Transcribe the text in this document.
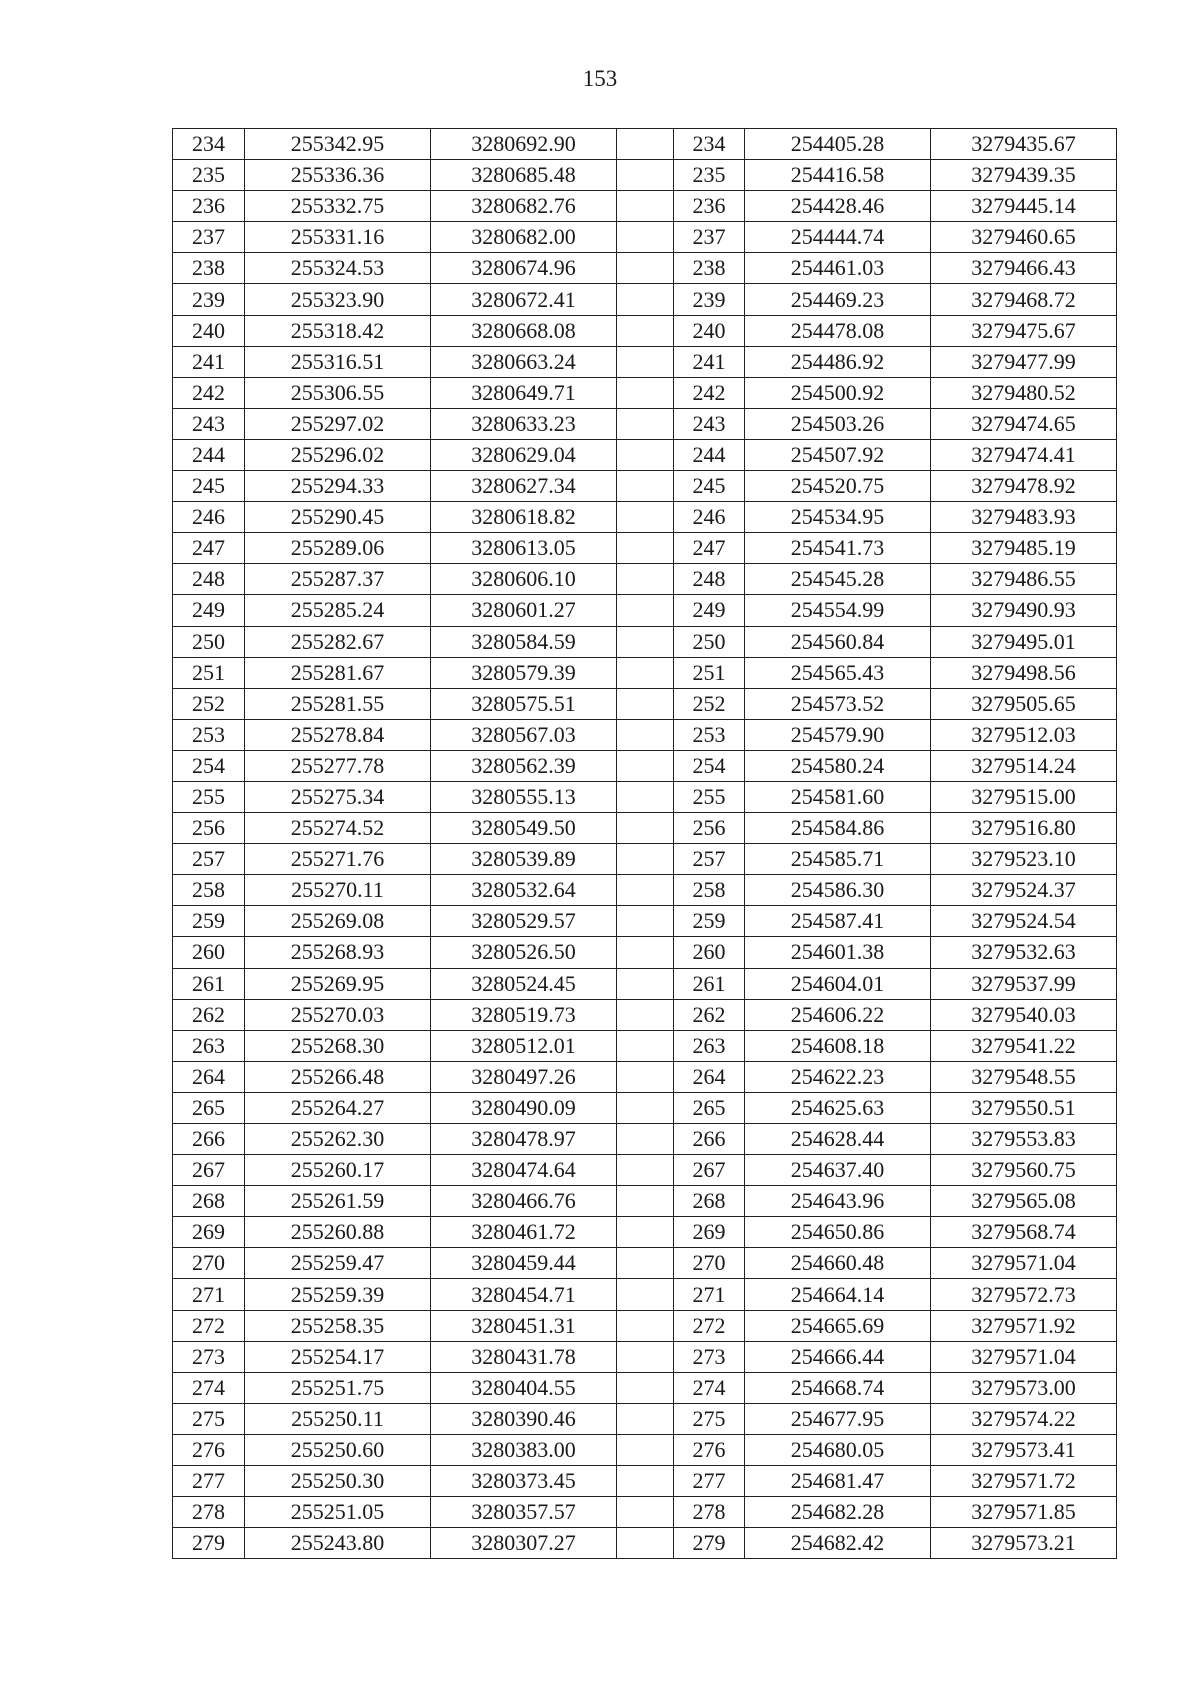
153
234	255342.95	3280692.90		234	254405.28	3279435.67
235	255336.36	3280685.48		235	254416.58	3279439.35
236	255332.75	3280682.76		236	254428.46	3279445.14
237	255331.16	3280682.00		237	254444.74	3279460.65
238	255324.53	3280674.96		238	254461.03	3279466.43
239	255323.90	3280672.41		239	254469.23	3279468.72
240	255318.42	3280668.08		240	254478.08	3279475.67
241	255316.51	3280663.24		241	254486.92	3279477.99
242	255306.55	3280649.71		242	254500.92	3279480.52
243	255297.02	3280633.23		243	254503.26	3279474.65
244	255296.02	3280629.04		244	254507.92	3279474.41
245	255294.33	3280627.34		245	254520.75	3279478.92
246	255290.45	3280618.82		246	254534.95	3279483.93
247	255289.06	3280613.05		247	254541.73	3279485.19
248	255287.37	3280606.10		248	254545.28	3279486.55
249	255285.24	3280601.27		249	254554.99	3279490.93
250	255282.67	3280584.59		250	254560.84	3279495.01
251	255281.67	3280579.39		251	254565.43	3279498.56
252	255281.55	3280575.51		252	254573.52	3279505.65
253	255278.84	3280567.03		253	254579.90	3279512.03
254	255277.78	3280562.39		254	254580.24	3279514.24
255	255275.34	3280555.13		255	254581.60	3279515.00
256	255274.52	3280549.50		256	254584.86	3279516.80
257	255271.76	3280539.89		257	254585.71	3279523.10
258	255270.11	3280532.64		258	254586.30	3279524.37
259	255269.08	3280529.57		259	254587.41	3279524.54
260	255268.93	3280526.50		260	254601.38	3279532.63
261	255269.95	3280524.45		261	254604.01	3279537.99
262	255270.03	3280519.73		262	254606.22	3279540.03
263	255268.30	3280512.01		263	254608.18	3279541.22
264	255266.48	3280497.26		264	254622.23	3279548.55
265	255264.27	3280490.09		265	254625.63	3279550.51
266	255262.30	3280478.97		266	254628.44	3279553.83
267	255260.17	3280474.64		267	254637.40	3279560.75
268	255261.59	3280466.76		268	254643.96	3279565.08
269	255260.88	3280461.72		269	254650.86	3279568.74
270	255259.47	3280459.44		270	254660.48	3279571.04
271	255259.39	3280454.71		271	254664.14	3279572.73
272	255258.35	3280451.31		272	254665.69	3279571.92
273	255254.17	3280431.78		273	254666.44	3279571.04
274	255251.75	3280404.55		274	254668.74	3279573.00
275	255250.11	3280390.46		275	254677.95	3279574.22
276	255250.60	3280383.00		276	254680.05	3279573.41
277	255250.30	3280373.45		277	254681.47	3279571.72
278	255251.05	3280357.57		278	254682.28	3279571.85
279	255243.80	3280307.27		279	254682.42	3279573.21
